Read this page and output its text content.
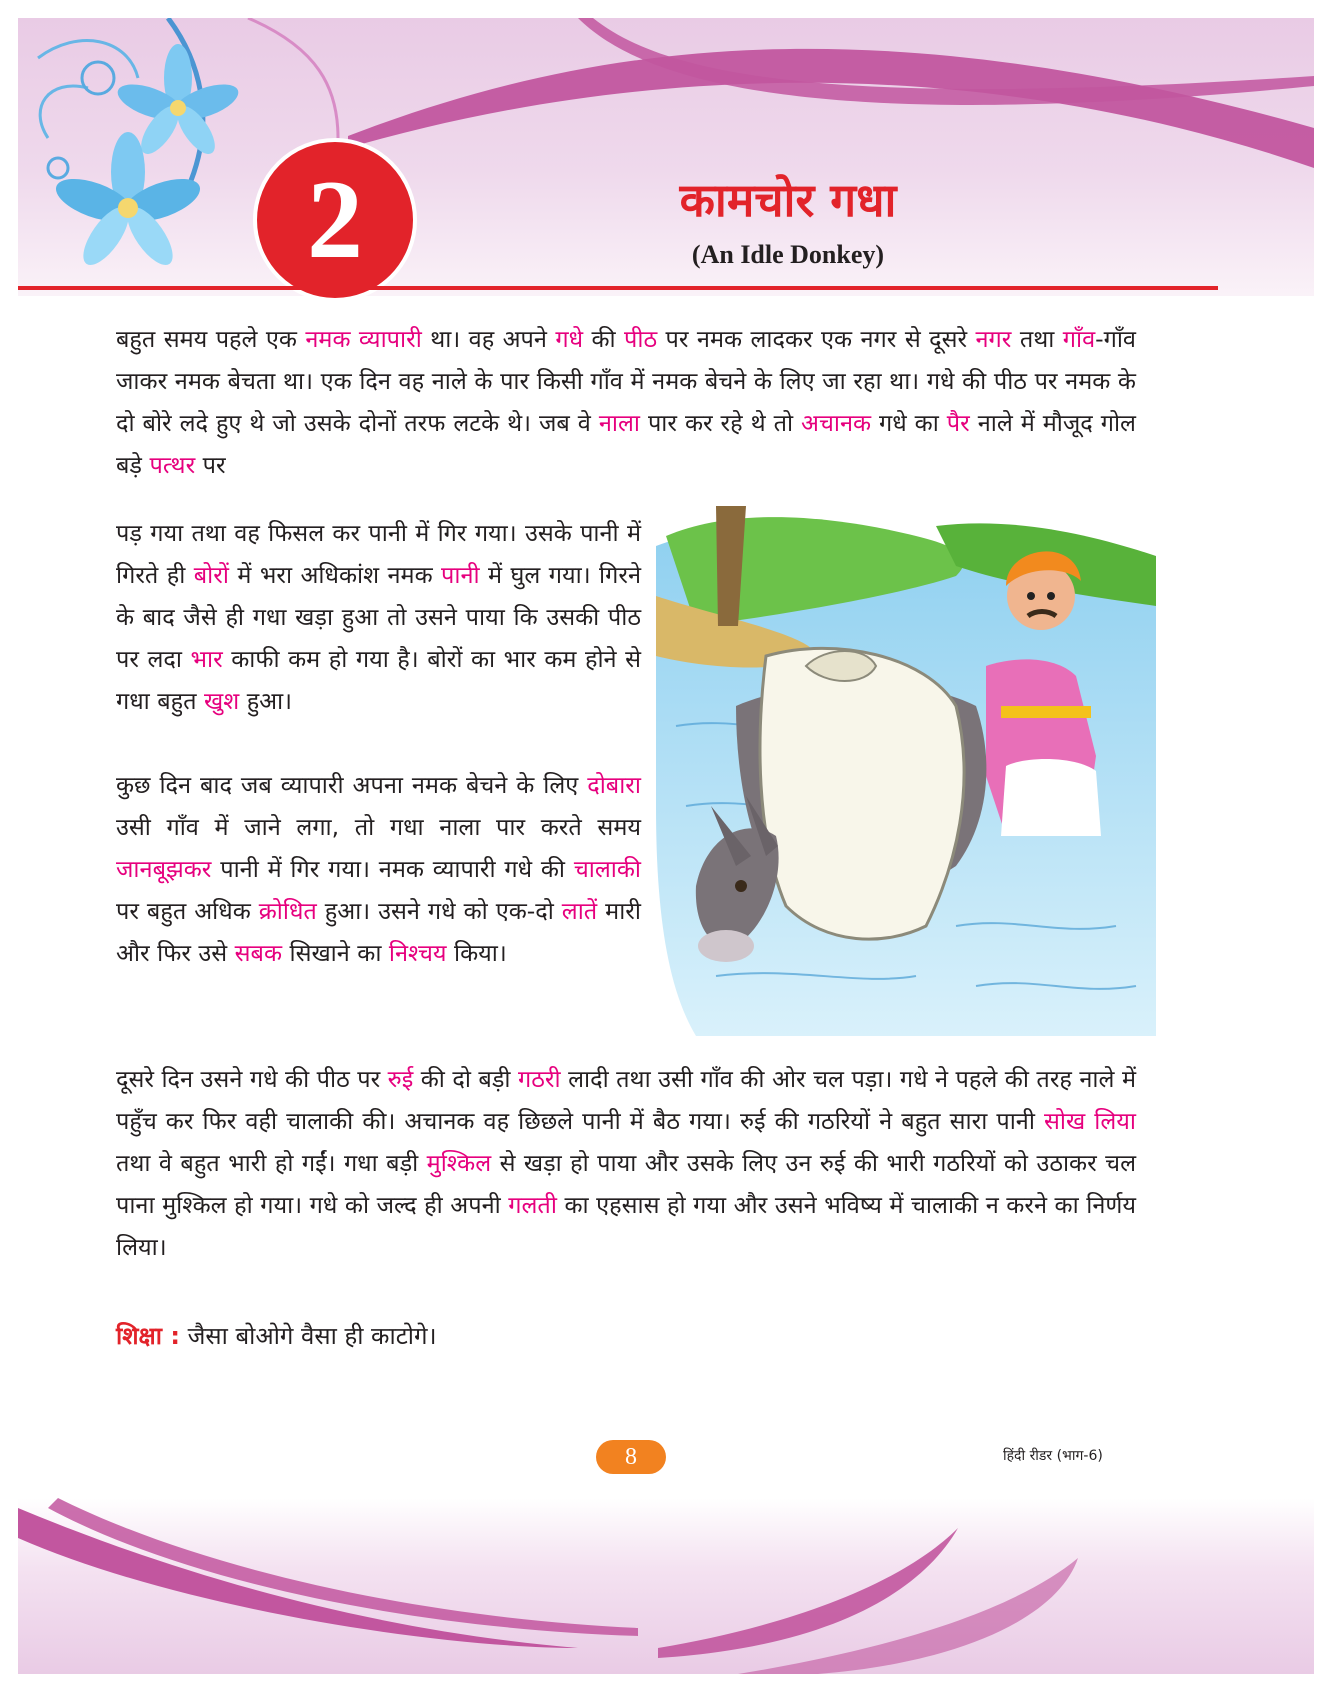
2	कामचोर गधा
(An Idle Donkey)

बहुत समय पहले एक नमक व्यापारी था। वह अपने गधे की पीठ पर नमक लादकर एक नगर से दूसरे नगर तथा गाँव-गाँव जाकर नमक बेचता था। एक दिन वह नाले के पार किसी गाँव में नमक बेचने के लिए जा रहा था। गधे की पीठ पर नमक के दो बोरे लदे हुए थे जो उसके दोनों तरफ लटके थे। जब वे नाला पार कर रहे थे तो अचानक गधे का पैर नाले में मौजूद गोल बड़े पत्थर पर

पड़ गया तथा वह फिसल कर पानी में गिर गया। उसके पानी में गिरते ही बोरों में भरा अधिकांश नमक पानी में घुल गया। गिरने के बाद जैसे ही गधा खड़ा हुआ तो उसने पाया कि उसकी पीठ पर लदा भार काफी कम हो गया है। बोरों का भार कम होने से गधा बहुत खुश हुआ।

कुछ दिन बाद जब व्यापारी अपना नमक बेचने के लिए दोबारा उसी गाँव में जाने लगा, तो गधा नाला पार करते समय जानबूझकर पानी में गिर गया। नमक व्यापारी गधे की चालाकी पर बहुत अधिक क्रोधित हुआ। उसने गधे को एक-दो लातें मारी और फिर उसे सबक सिखाने का निश्चय किया।

दूसरे दिन उसने गधे की पीठ पर रुई की दो बड़ी गठरी लादी तथा उसी गाँव की ओर चल पड़ा। गधे ने पहले की तरह नाले में पहुँच कर फिर वही चालाकी की। अचानक वह छिछले पानी में बैठ गया। रुई की गठरियों ने बहुत सारा पानी सोख लिया तथा वे बहुत भारी हो गईं। गधा बड़ी मुश्किल से खड़ा हो पाया और उसके लिए उन रुई की भारी गठरियों को उठाकर चल पाना मुश्किल हो गया। गधे को जल्द ही अपनी गलती का एहसास हो गया और उसने भविष्य में चालाकी न करने का निर्णय लिया।

शिक्षा : जैसा बोओगे वैसा ही काटोगे।
8	हिंदी रीडर (भाग-6)
